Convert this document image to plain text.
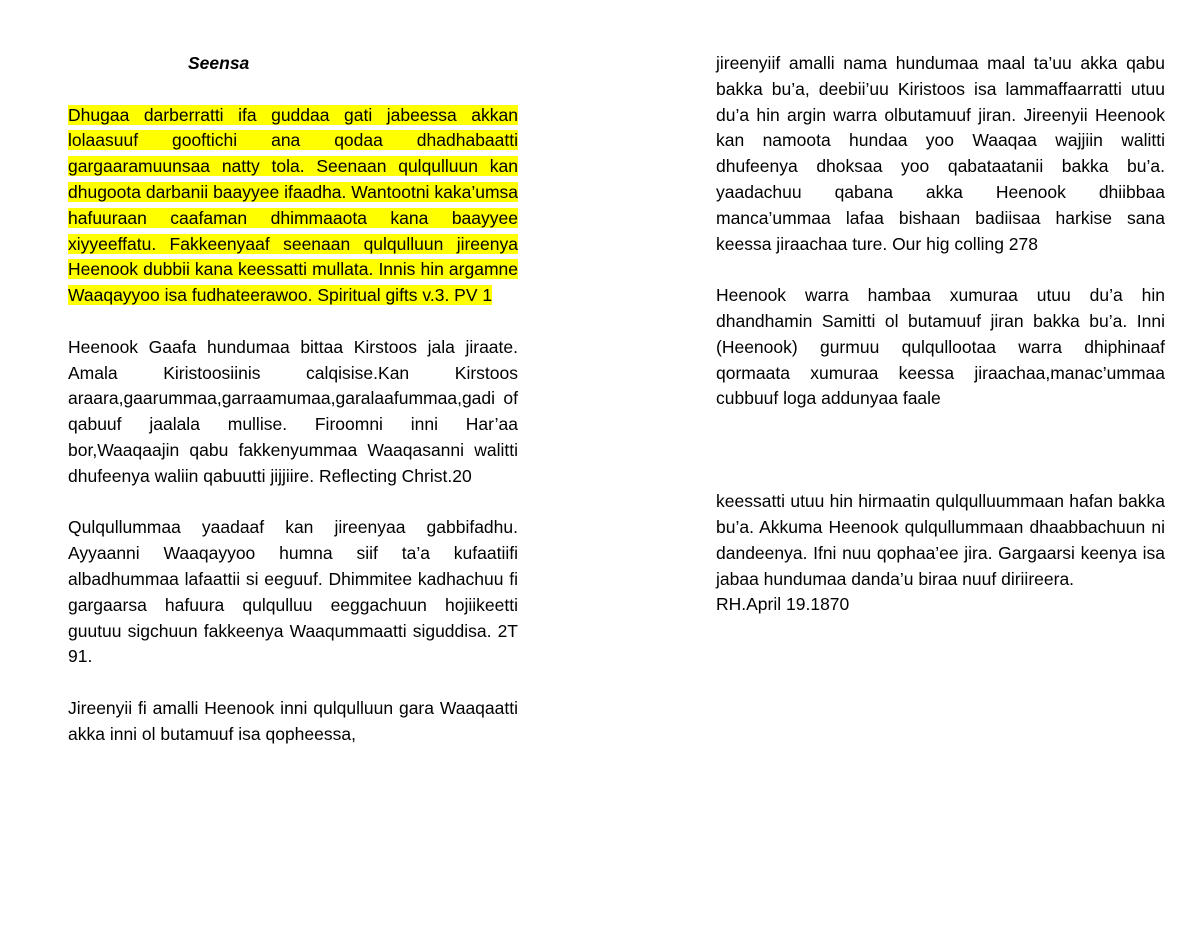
Seensa

Dhugaa darberratti ifa guddaa gati jabeessa akkan lolaasuuf gooftichi ana qodaa dhadhabaatti gargaaramuunsaa natty tola. Seenaan qulqulluun kan dhugoota darbanii baayyee ifaadha. Wantootni kaka’umsa hafuuraan caafaman dhimmaaota kana baayyee xiyyeeffatu. Fakkeenyaaf seenaan qulqulluun jireenya Heenook dubbii kana keessatti mullata. Innis hin argamne Waaqayyoo isa fudhateerawoo. Spiritual gifts v.3. PV 1

Heenook Gaafa hundumaa bittaa Kirstoos jala jiraate. Amala Kiristoosiinis calqisise.Kan Kirstoos araara,gaarummaa,garraamumaa,garalaafummaa,gadi of qabuuf jaalala mullise. Firoomni inni Har’aa bor,Waaqaajin qabu fakkenyummaa Waaqasanni walitti dhufeenya waliin qabuutti jijjiire. Reflecting Christ.20

Qulqullummaa yaadaaf kan jireenyaa gabbifadhu. Ayyaanni Waaqayyoo humna siif ta’a kufaatiifi albadhummaa lafaattii si eeguuf. Dhimmitee kadhachuu fi gargaarsa hafuura qulqulluu eeggachuun hojiikeetti guutuu sigchuun fakkeenya Waaqummaatti siguddisa. 2T 91.

Jireenyii fi amalli Heenook inni qulqulluun gara Waaqaatti akka inni ol butamuuf isa qopheessa,

jireenyiif amalli nama hundumaa maal ta’uu akka qabu bakka bu’a, deebii’uu Kiristoos isa lammaffaarratti utuu du’a hin argin warra olbutamuuf jiran. Jireenyii Heenook kan namoota hundaa yoo Waaqaa wajjiin walitti dhufeenya dhoksaa yoo qabataatanii bakka bu’a. yaadachuu qabana akka Heenook dhiibbaa manca’ummaa lafaa bishaan badiisaa harkise sana keessa jiraachaa ture. Our hig colling 278

Heenook warra hambaa xumuraa utuu du’a hin dhandhamin Samitti ol butamuuf jiran bakka bu’a. Inni (Heenook) gurmuu qulqullootaa warra dhiphinaaf qormaata xumuraa keessa jiraachaa,manac’ummaa cubbuuf loga addunyaa faale

keessatti utuu hin hirmaatin qulqulluummaan hafan bakka bu’a. Akkuma Heenook qulqullummaan dhaabbachuun ni dandeenya. Ifni nuu qophaa’ee jira. Gargaarsi keenya isa jabaa hundumaa danda’u biraa nuuf diriireera.

RH.April 19.1870
